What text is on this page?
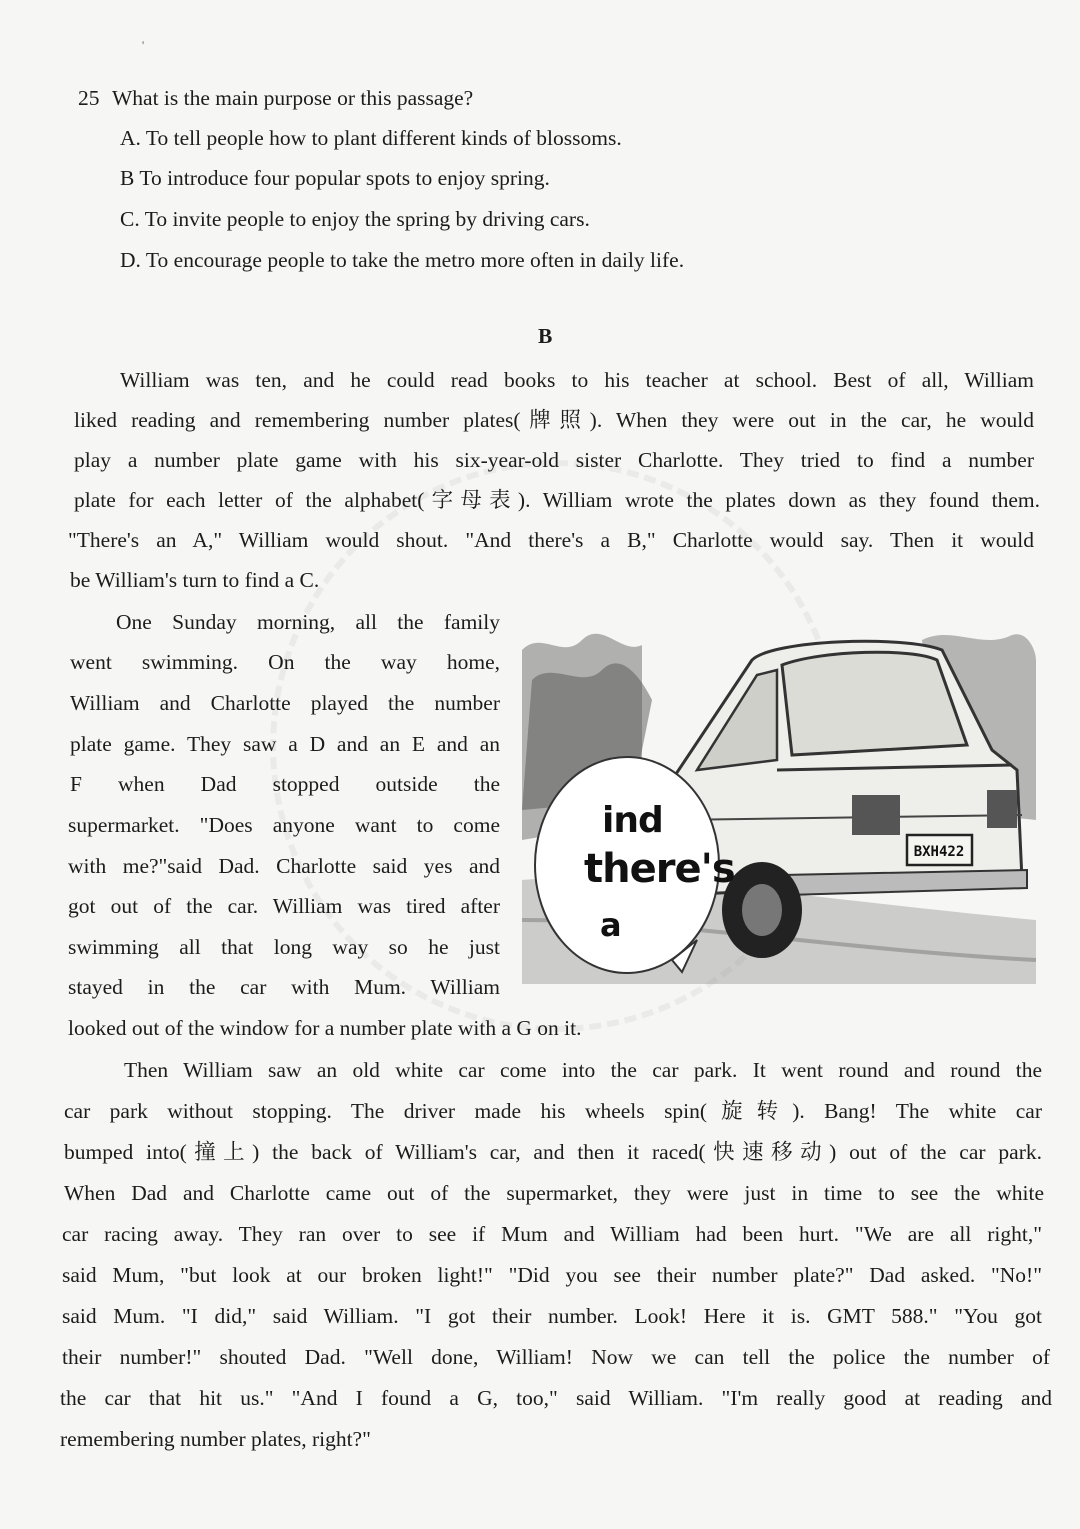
'
25 What is the main purpose or this passage?
A. To tell people how to plant different kinds of blossoms.
B To introduce four popular spots to enjoy spring.
C. To invite people to enjoy the spring by driving cars.
D. To encourage people to take the metro more often in daily life.
B
William was ten, and he could read books to his teacher at school. Best of all, William
liked reading and remembering number plates(牌照). When they were out in the car, he would
play a number plate game with his six-year-old sister Charlotte. They tried to find a number
plate for each letter of the alphabet(字母表). William wrote the plates down as they found them.
"There's an A," William would shout. "And there's a B," Charlotte would say. Then it would
be William's turn to find a C.
One Sunday morning, all the family
went swimming. On the way home,
William and Charlotte played the number
plate game. They saw a D and an E and an
F when Dad stopped outside the
supermarket. "Does anyone want to come
with me?"said Dad. Charlotte said yes and
got out of the car. William was tired after
swimming all that long way so he just
stayed in the car with Mum. William
looked out of the window for a number plate with a G on it.
BXH422
ind
there's
a
Then William saw an old white car come into the car park. It went round and round the
car park without stopping. The driver made his wheels spin(旋转). Bang! The white car
bumped into(撞上) the back of William's car, and then it raced(快速移动) out of the car park.
When Dad and Charlotte came out of the supermarket, they were just in time to see the white
car racing away. They ran over to see if Mum and William had been hurt. "We are all right,"
said Mum, "but look at our broken light!" "Did you see their number plate?" Dad asked. "No!"
said Mum. "I did," said William. "I got their number. Look! Here it is. GMT 588." "You got
their number!" shouted Dad. "Well done, William! Now we can tell the police the number of
the car that hit us." "And I found a G, too," said William. "I'm really good at reading and
remembering number plates, right?"
